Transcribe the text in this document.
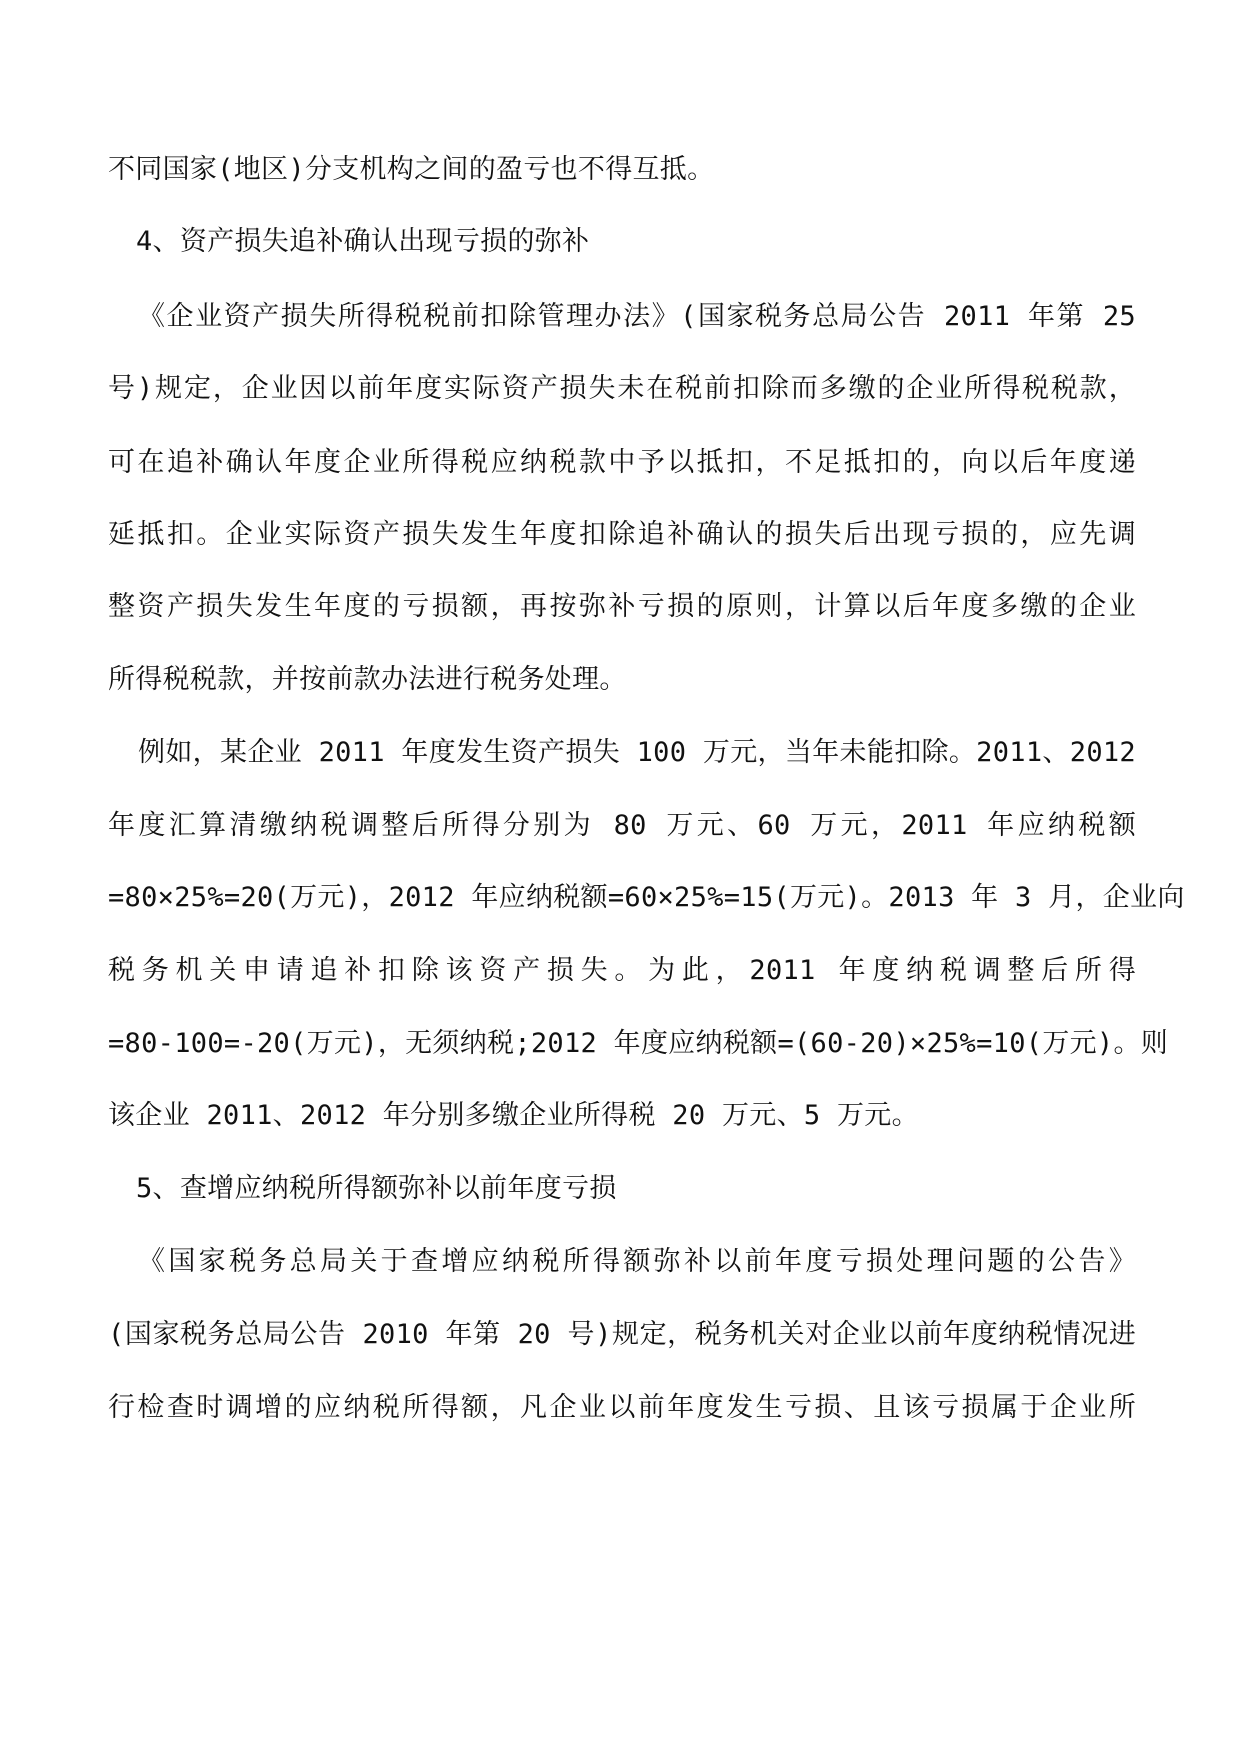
不同国家(地区)分支机构之间的盈亏也不得互抵。
4、资产损失追补确认出现亏损的弥补
《企业资产损失所得税税前扣除管理办法》(国家税务总局公告 2011 年第 25
号)规定，企业因以前年度实际资产损失未在税前扣除而多缴的企业所得税税款，
可在追补确认年度企业所得税应纳税款中予以抵扣，不足抵扣的，向以后年度递
延抵扣。企业实际资产损失发生年度扣除追补确认的损失后出现亏损的，应先调
整资产损失发生年度的亏损额，再按弥补亏损的原则，计算以后年度多缴的企业
所得税税款，并按前款办法进行税务处理。
例如，某企业 2011 年度发生资产损失 100 万元，当年未能扣除。2011、2012
年度汇算清缴纳税调整后所得分别为 80 万元、60 万元，2011 年应纳税额
=80×25%=20(万元)，2012 年应纳税额=60×25%=15(万元)。2013 年 3 月，企业向
税务机关申请追补扣除该资产损失。为此，2011 年度纳税调整后所得
=80-100=-20(万元)，无须纳税;2012 年度应纳税额=(60-20)×25%=10(万元)。则
该企业 2011、2012 年分别多缴企业所得税 20 万元、5 万元。
5、查增应纳税所得额弥补以前年度亏损
《国家税务总局关于查增应纳税所得额弥补以前年度亏损处理问题的公告》
(国家税务总局公告 2010 年第 20 号)规定，税务机关对企业以前年度纳税情况进
行检查时调增的应纳税所得额，凡企业以前年度发生亏损、且该亏损属于企业所
